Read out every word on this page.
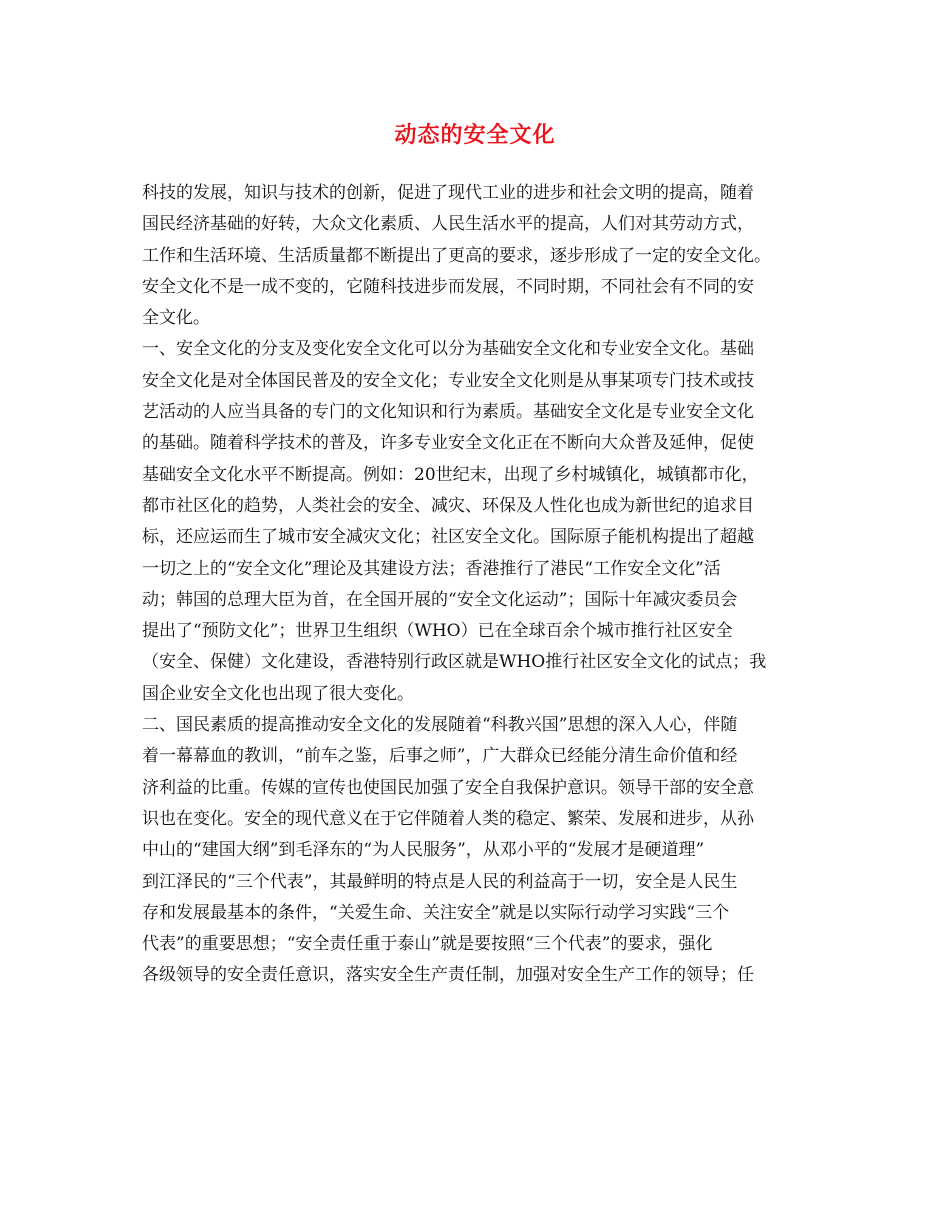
动态的安全文化
科技的发展，知识与技术的创新，促进了现代工业的进步和社会文明的提高，随着
国民经济基础的好转，大众文化素质、人民生活水平的提高，人们对其劳动方式，
工作和生活环境、生活质量都不断提出了更高的要求，逐步形成了一定的安全文化。
安全文化不是一成不变的，它随科技进步而发展，不同时期，不同社会有不同的安
全文化。
一、安全文化的分支及变化安全文化可以分为基础安全文化和专业安全文化。基础
安全文化是对全体国民普及的安全文化；专业安全文化则是从事某项专门技术或技
艺活动的人应当具备的专门的文化知识和行为素质。基础安全文化是专业安全文化
的基础。随着科学技术的普及，许多专业安全文化正在不断向大众普及延伸，促使
基础安全文化水平不断提高。例如：20世纪末，出现了乡村城镇化，城镇都市化，
都市社区化的趋势，人类社会的安全、减灾、环保及人性化也成为新世纪的追求目
标，还应运而生了城市安全减灾文化；社区安全文化。国际原子能机构提出了超越
一切之上的“安全文化”理论及其建设方法；香港推行了港民“工作安全文化”活
动；韩国的总理大臣为首，在全国开展的“安全文化运动”；国际十年减灾委员会
提出了“预防文化”；世界卫生组织（WHO）已在全球百余个城市推行社区安全
（安全、保健）文化建设，香港特别行政区就是WHO推行社区安全文化的试点；我
国企业安全文化也出现了很大变化。
二、国民素质的提高推动安全文化的发展随着“科教兴国”思想的深入人心，伴随
着一幕幕血的教训，“前车之鉴，后事之师”，广大群众已经能分清生命价值和经
济利益的比重。传媒的宣传也使国民加强了安全自我保护意识。领导干部的安全意
识也在变化。安全的现代意义在于它伴随着人类的稳定、繁荣、发展和进步，从孙
中山的“建国大纲”到毛泽东的“为人民服务”，从邓小平的“发展才是硬道理”
到江泽民的“三个代表”，其最鲜明的特点是人民的利益高于一切，安全是人民生
存和发展最基本的条件，“关爱生命、关注安全”就是以实际行动学习实践“三个
代表”的重要思想；“安全责任重于泰山”就是要按照“三个代表”的要求，强化
各级领导的安全责任意识，落实安全生产责任制，加强对安全生产工作的领导；任
